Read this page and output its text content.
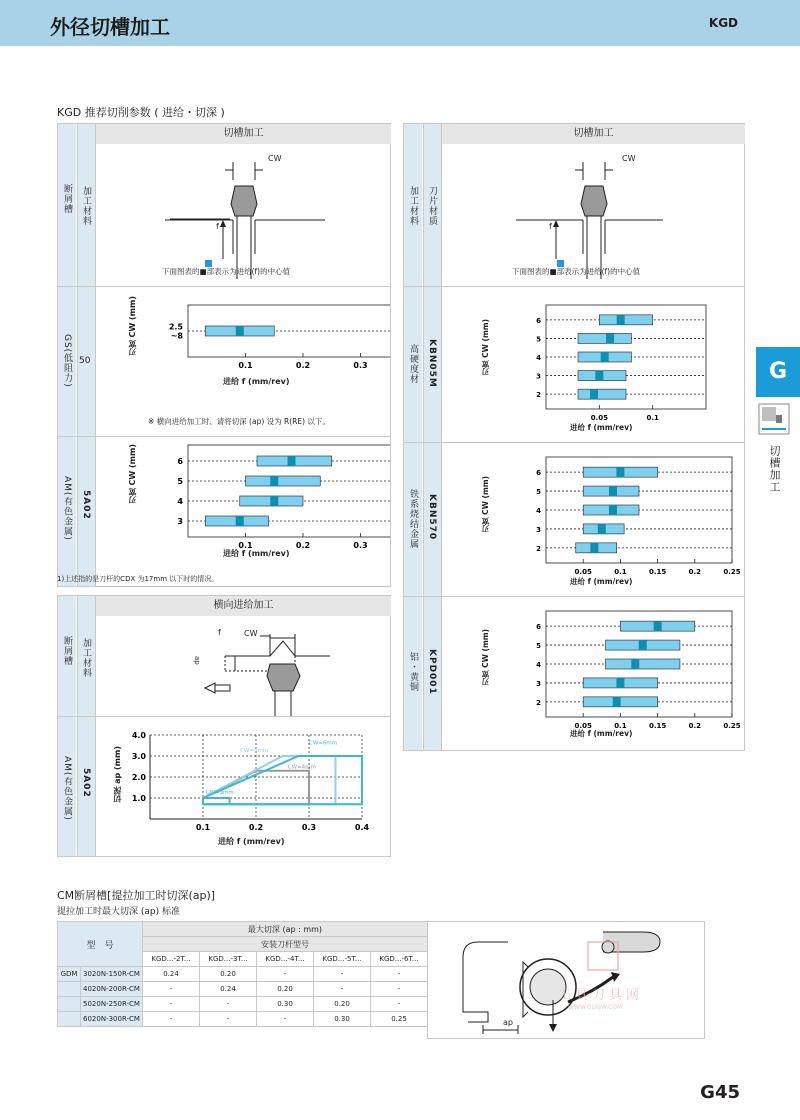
外径切槽加工	KGD
KGD 推荐切削参数 ( 进给・切深 )
切槽加工
断屑槽 加工材料
GS(低阻力) 50
AM(有色金属) 5A02
CW
f
下面图表的■部表示为进给(f)的中心值
0.1	0.2	0.3
2.5
~8
刃宽 CW (mm)
进给 f (mm/rev)
※ 横向进给加工时、请将切深 (ap) 设为 R(RE) 以下。
0.1	0.2	0.3
6
5
4
3
刃宽 CW (mm)
进给 f (mm/rev)
1)上述指的是刀杆的CDX 为17mm 以下时的情况。
切槽加工
加工材料 刀片材质
CW
f
下面图表的■部表示为进给(f)的中心值
高硬度材 KBN05M
0.05	0.1
6
5
4
3
2
刃宽 CW (mm)
进给 f (mm/rev)
铁系烧结金属 KBN570
0.05	0.1	0.15	0.2	0.25
6
5
4
3
2
刃宽 CW (mm)
进给 f (mm/rev)
铝・黄铜 KPD001
0.05	0.1	0.15	0.2	0.25
6
5
4
3
2
刃宽 CW (mm)
进给 f (mm/rev)
横向进给加工
断屑槽 加工材料
AM(有色金属) 5A02
f	CW
ap
1.0
2.0
3.0
4.0
0.1	0.2	0.3	0.4
CW=3mm
CW=4mm
CW=5mm
CW=6mm
切深 ap (mm)
进给 f (mm/rev)
CM断屑槽[提拉加工时切深(ap)]
提拉加工时最大切深 (ap) 标准
型　号		最大切深 (ap : mm)				
		安装刀杆型号				
		KGD...-2T...	KGD...-3T...	KGD...-4T...	KGD...-5T...	KGD...-6T...
GDM	3020N-150R-CM	0.24	0.20	-	-	-
	4020N-200R-CM	-	0.24	0.20	-	-
	5020N-250R-CM	-	-	0.30	0.20	-
	6020N-300R-CM	-	-	-	0.30	0.25	ap
工具刀具网
WWW.GLRJW.COM
G
切槽加工
G45
